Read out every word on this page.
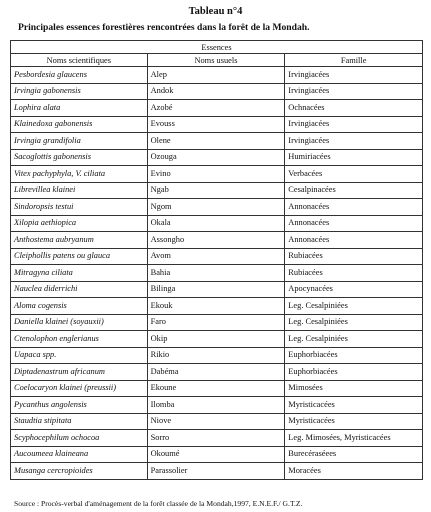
Tableau n°4
Principales essences forestières rencontrées dans la forêt de la Mondah.
Essences		
Noms scientifiques	Noms usuels	Famille
Pesbordesia glaucens	Alep	Irvingiacées
Irvingia gabonensis	Andok	Irvingiacées
Lophira alata	Azobé	Ochnacées
Klainedoxa gabonensis	Evouss	Irvingiacées
Irvingia grandifolia	Olene	Irvingiacées
Sacoglottis gabonensis	Ozouga	Humiriacées
Vitex pachyphyla, V. ciliata	Evino	Verbacées
Librevillea klainei	Ngab	Cesalpinacées
Sindoropsis testui	Ngom	Annonacées
Xilopia aethiopica	Okala	Annonacées
Anthostema aubryanum	Assongho	Annonacées
Cleiphollis patens ou glauca	Avom	Rubiacées
Mitragyna ciliata	Bahia	Rubiacées
Nauclea diderrichi	Bilinga	Apocynacées
Aloma cogensis	Ekouk	Leg. Cesalpiniées
Daniella klainei (soyauxii)	Faro	Leg. Cesalpiniées
Ctenolophon englerianus	Okip	Leg. Cesalpiniées
Uapaca spp.	Rikio	Euphorbiacées
Diptadenastrum africanum	Dabéma	Euphorbiacées
Coelocaryon klainei (preussii)	Ekoune	Mimosées
Pycanthus angolensis	Ilomba	Myristicacées
Staudtia stipitata	Niove	Myristicacées
Scyphocephilum ochocoa	Sorro	Leg. Mimosées, Myristicacées
Aucoumeea klaineana	Okoumé	Burecéraséees
Musanga cercropioides	Parassolier	Moracées
Source : Procès-verbal d'aménagement de la forêt classée de la Mondah,1997, E.N.E.F./ G.T.Z.
